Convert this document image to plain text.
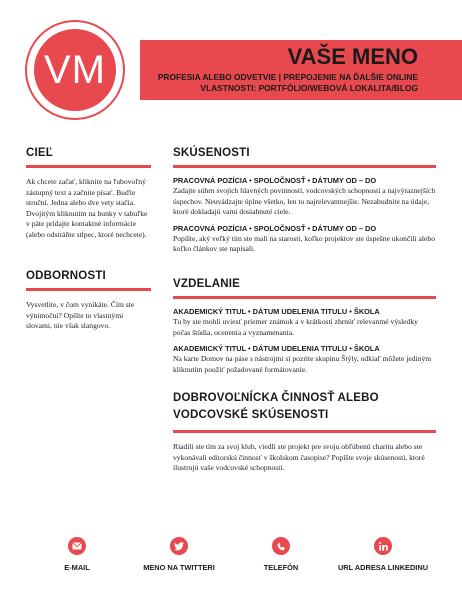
VM	VAŠE MENO
PROFESIA ALEBO ODVETVIE | PREPOJENIE NA ĎALŠIE ONLINE
VLASTNOSTI: PORTFÓLIO/WEBOVÁ LOKALITA/BLOG
CIEĽ
Ak chcete začať, kliknite na ľubovoľný zástupný text a začnite písať. Buďte struční. Jedna alebo dve vety stačia.
Dvojitým kliknutím na bunky v tabuľke v päte pridajte kontaktné informácie (alebo odstráňte stĺpec, ktoré nechcete).
ODBORNOSTI
Vysvetlite, v čom vynikáte. Čím ste výnimoční? Opíšte to vlastnými slovami, nie však slangovo.
SKÚSENOSTI
PRACOVNÁ POZÍCIA • SPOLOČNOSŤ • DÁTUMY OD – DO
Zadajte súhrn svojich hlavných povinností, vodcovských schopností a najvýraznejších úspechov. Neuvádzajte úplne všetko, len to najrelevantnejšie. Nezabudnite na údaje, ktoré dokladajú vami dosiahnuté ciele.
PRACOVNÁ POZÍCIA • SPOLOČNOSŤ • DÁTUMY OD – DO
Popíšte, aký veľký tím ste mali na starosti, koľko projektov ste úspešne ukončili alebo koľko článkov ste napísali.
VZDELANIE
AKADEMICKÝ TITUL • DÁTUM UDELENIA TITULU • ŠKOLA
Tu by ste mohli uviesť priemer známok a v krátkosti zhrnúť relevantné výsledky počas štúdia, ocenenia a vyznamenania.
AKADEMICKÝ TITUL • DÁTUM UDELENIA TITULU • ŠKOLA
Na karte Domov na páse s nástrojmi si pozrite skupinu Štýly, odkiaľ môžete jediným kliknutím použiť požadované formátovanie.
DOBROVOĽNÍCKA ČINNOSŤ ALEBO VODCOVSKÉ SKÚSENOSTI
Riadili ste tím za svoj klub, viedli ste projekt pre svoju obľúbenú charitu alebo ste vykonávali editorskú činnosť v školskom časopise? Popíšte svoje skúsenosti, ktoré ilustrujú vaše vodcovské schopnosti.
E-MAIL	MENO NA TWITTERI	TELEFÓN	URL ADRESA LINKEDINU
